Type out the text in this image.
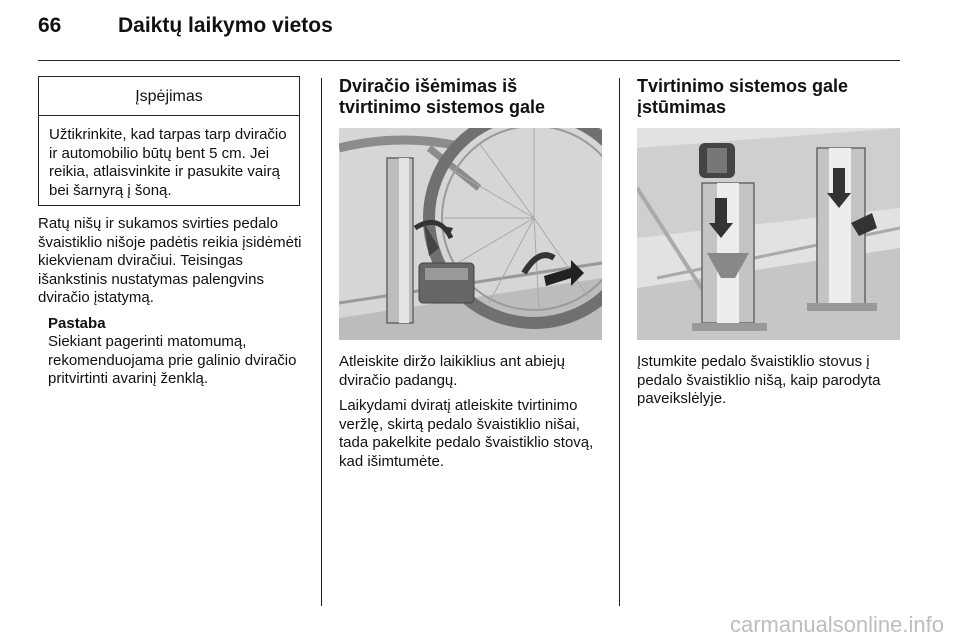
66	Daiktų laikymo vietos
Įspėjimas
Užtikrinkite, kad tarpas tarp dviračio ir automobilio būtų bent 5 cm. Jei reikia, atlaisvinkite ir pasukite vairą bei šarnyrą į šoną.

Ratų nišų ir sukamos svirties pedalo švaistiklio nišoje padėtis reikia įsidėmėti kiekvienam dviračiui. Teisingas išankstinis nustatymas palengvins dviračio įstatymą.

Pastaba
Siekiant pagerinti matomumą, rekomenduojama prie galinio dviračio pritvirtinti avarinį ženklą.
Dviračio išėmimas iš tvirtinimo sistemos gale

Atleiskite diržo laikiklius ant abiejų dviračio padangų.

Laikydami dviratį atleiskite tvirtinimo veržlę, skirtą pedalo švaistiklio nišai, tada pakelkite pedalo švaistiklio stovą, kad išimtumėte.

Tvirtinimo sistemos gale įstūmimas

Įstumkite pedalo švaistiklio stovus į pedalo švaistiklio nišą, kaip parodyta paveikslėlyje.

carmanualsonline.info
